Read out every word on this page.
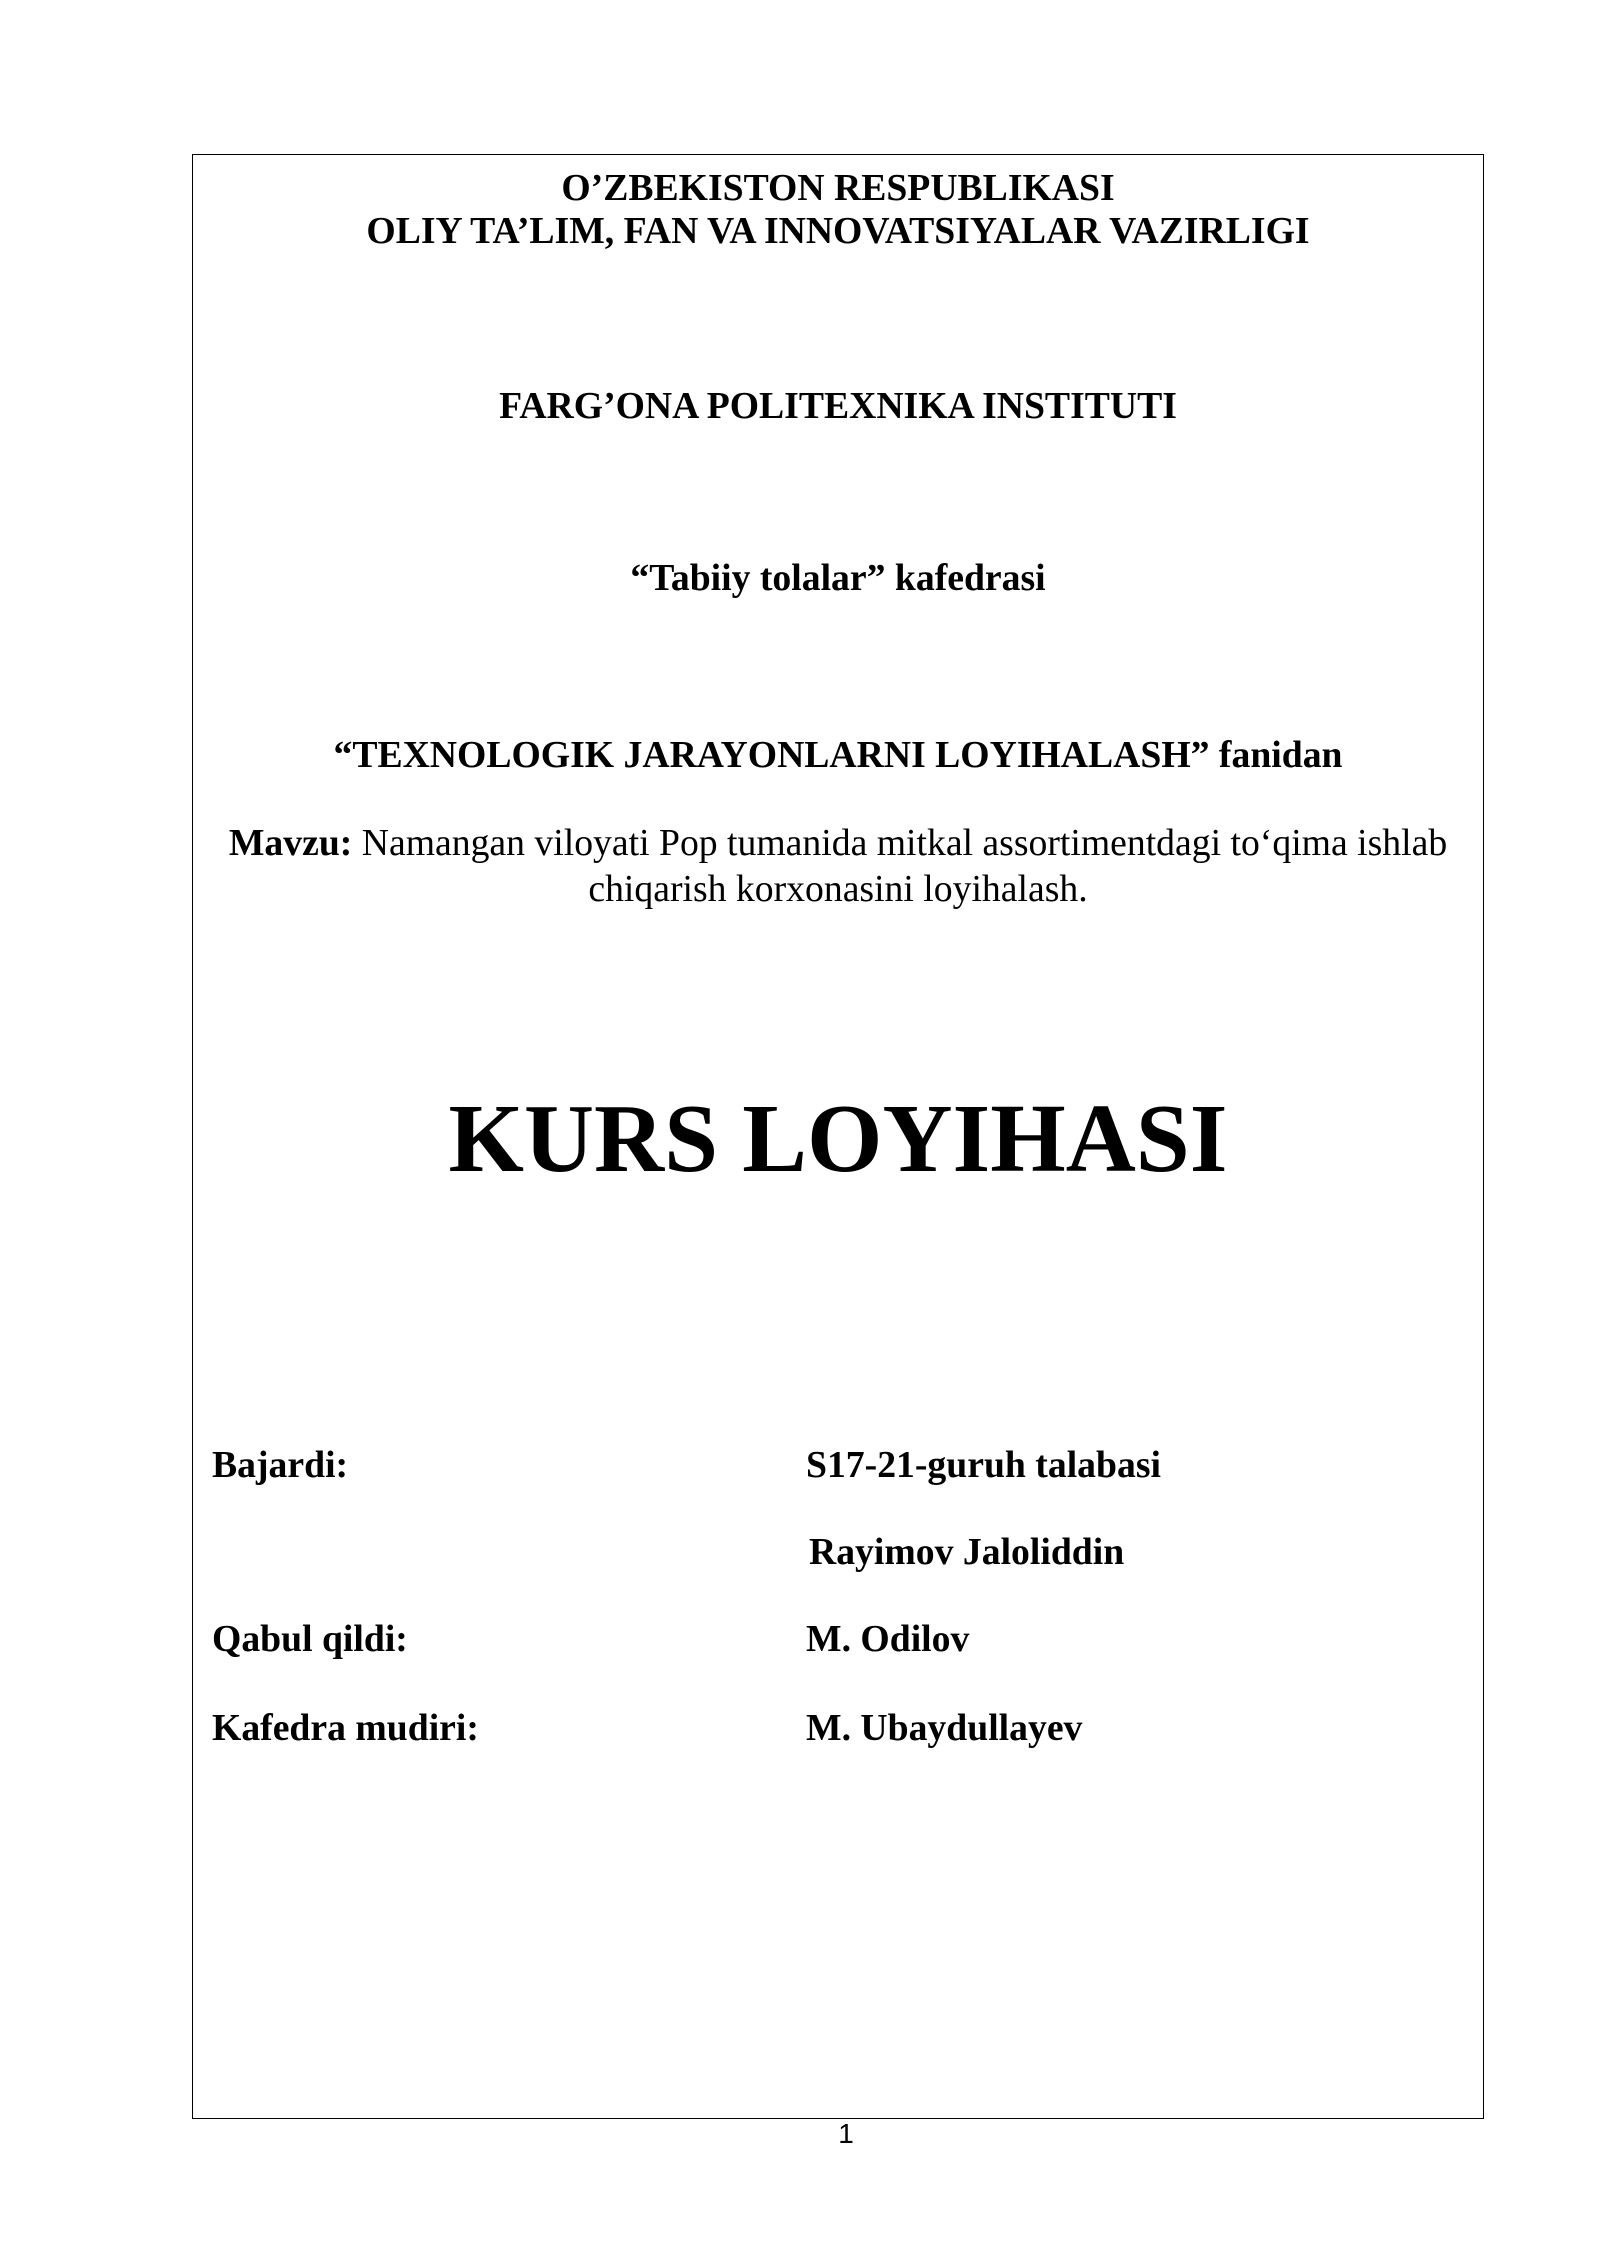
O’ZBEKISTON RESPUBLIKASI
OLIY TA’LIM, FAN VA INNOVATSIYALAR VAZIRLIGI
FARG’ONA POLITEXNIKA INSTITUTI
“Tabiiy tolalar” kafedrasi
“TEXNOLOGIK JARAYONLARNI LOYIHALASH” fanidan
Mavzu: Namangan viloyati Pop tumanida mitkal assortimentdagi to‘qima ishlab chiqarish korxonasini loyihalash.
KURS LOYIHASI
Bajardi:	S17-21-guruh talabasi
Rayimov Jaloliddin
Qabul qildi:	M. Odilov
Kafedra mudiri:	M. Ubaydullayev
1
